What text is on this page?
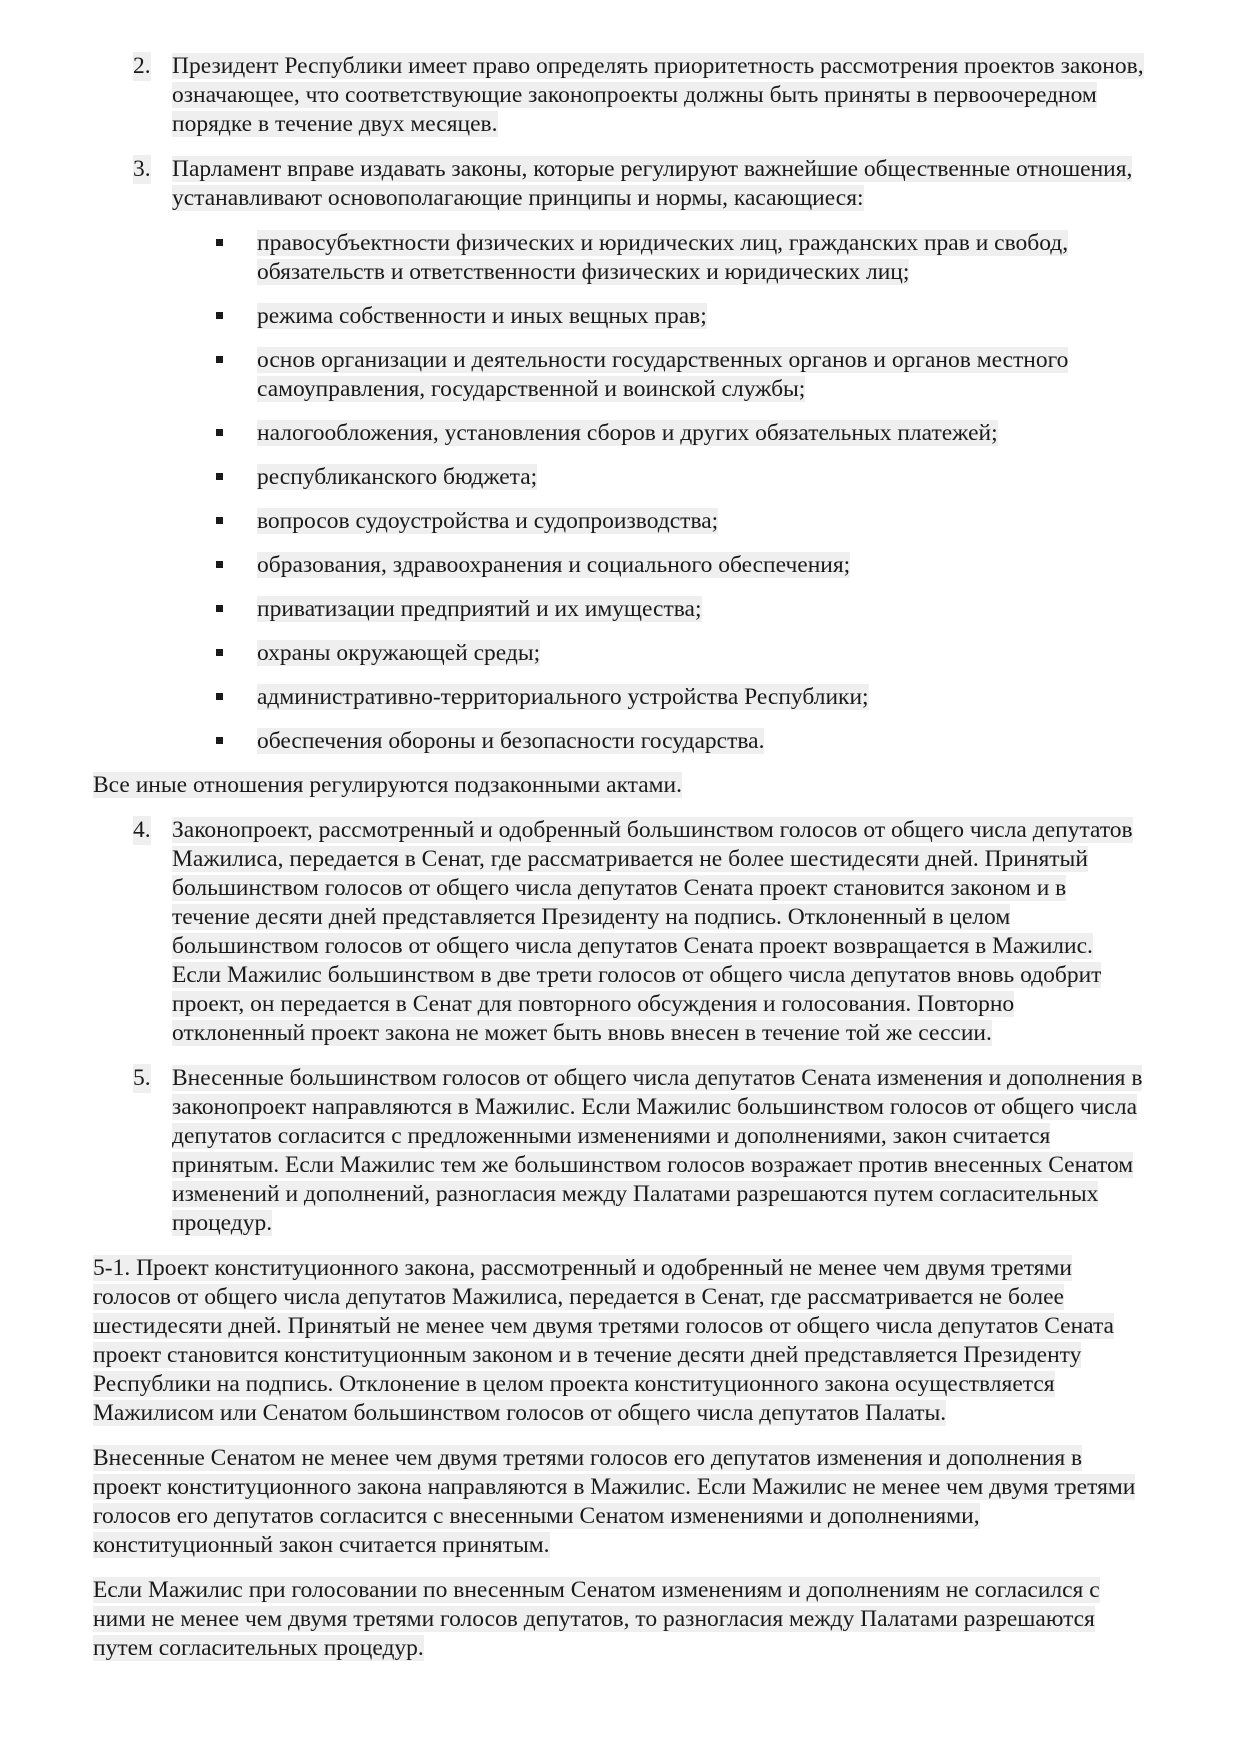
2. Президент Республики имеет право определять приоритетность рассмотрения проектов законов, означающее, что соответствующие законопроекты должны быть приняты в первоочередном порядке в течение двух месяцев.
3. Парламент вправе издавать законы, которые регулируют важнейшие общественные отношения, устанавливают основополагающие принципы и нормы, касающиеся:
правосубъектности физических и юридических лиц, гражданских прав и свобод, обязательств и ответственности физических и юридических лиц;
режима собственности и иных вещных прав;
основ организации и деятельности государственных органов и органов местного самоуправления, государственной и воинской службы;
налогообложения, установления сборов и других обязательных платежей;
республиканского бюджета;
вопросов судоустройства и судопроизводства;
образования, здравоохранения и социального обеспечения;
приватизации предприятий и их имущества;
охраны окружающей среды;
административно-территориального устройства Республики;
обеспечения обороны и безопасности государства.
Все иные отношения регулируются подзаконными актами.
4. Законопроект, рассмотренный и одобренный большинством голосов от общего числа депутатов Мажилиса, передается в Сенат, где рассматривается не более шестидесяти дней. Принятый большинством голосов от общего числа депутатов Сената проект становится законом и в течение десяти дней представляется Президенту на подпись. Отклоненный в целом большинством голосов от общего числа депутатов Сената проект возвращается в Мажилис. Если Мажилис большинством в две трети голосов от общего числа депутатов вновь одобрит проект, он передается в Сенат для повторного обсуждения и голосования. Повторно отклоненный проект закона не может быть вновь внесен в течение той же сессии.
5. Внесенные большинством голосов от общего числа депутатов Сената изменения и дополнения в законопроект направляются в Мажилис. Если Мажилис большинством голосов от общего числа депутатов согласится с предложенными изменениями и дополнениями, закон считается принятым. Если Мажилис тем же большинством голосов возражает против внесенных Сенатом изменений и дополнений, разногласия между Палатами разрешаются путем согласительных процедур.
5-1. Проект конституционного закона, рассмотренный и одобренный не менее чем двумя третями голосов от общего числа депутатов Мажилиса, передается в Сенат, где рассматривается не более шестидесяти дней. Принятый не менее чем двумя третями голосов от общего числа депутатов Сената проект становится конституционным законом и в течение десяти дней представляется Президенту Республики на подпись. Отклонение в целом проекта конституционного закона осуществляется Мажилисом или Сенатом большинством голосов от общего числа депутатов Палаты.
Внесенные Сенатом не менее чем двумя третями голосов его депутатов изменения и дополнения в проект конституционного закона направляются в Мажилис. Если Мажилис не менее чем двумя третями голосов его депутатов согласится с внесенными Сенатом изменениями и дополнениями, конституционный закон считается принятым.
Если Мажилис при голосовании по внесенным Сенатом изменениям и дополнениям не согласился с ними не менее чем двумя третями голосов депутатов, то разногласия между Палатами разрешаются путем согласительных процедур.
